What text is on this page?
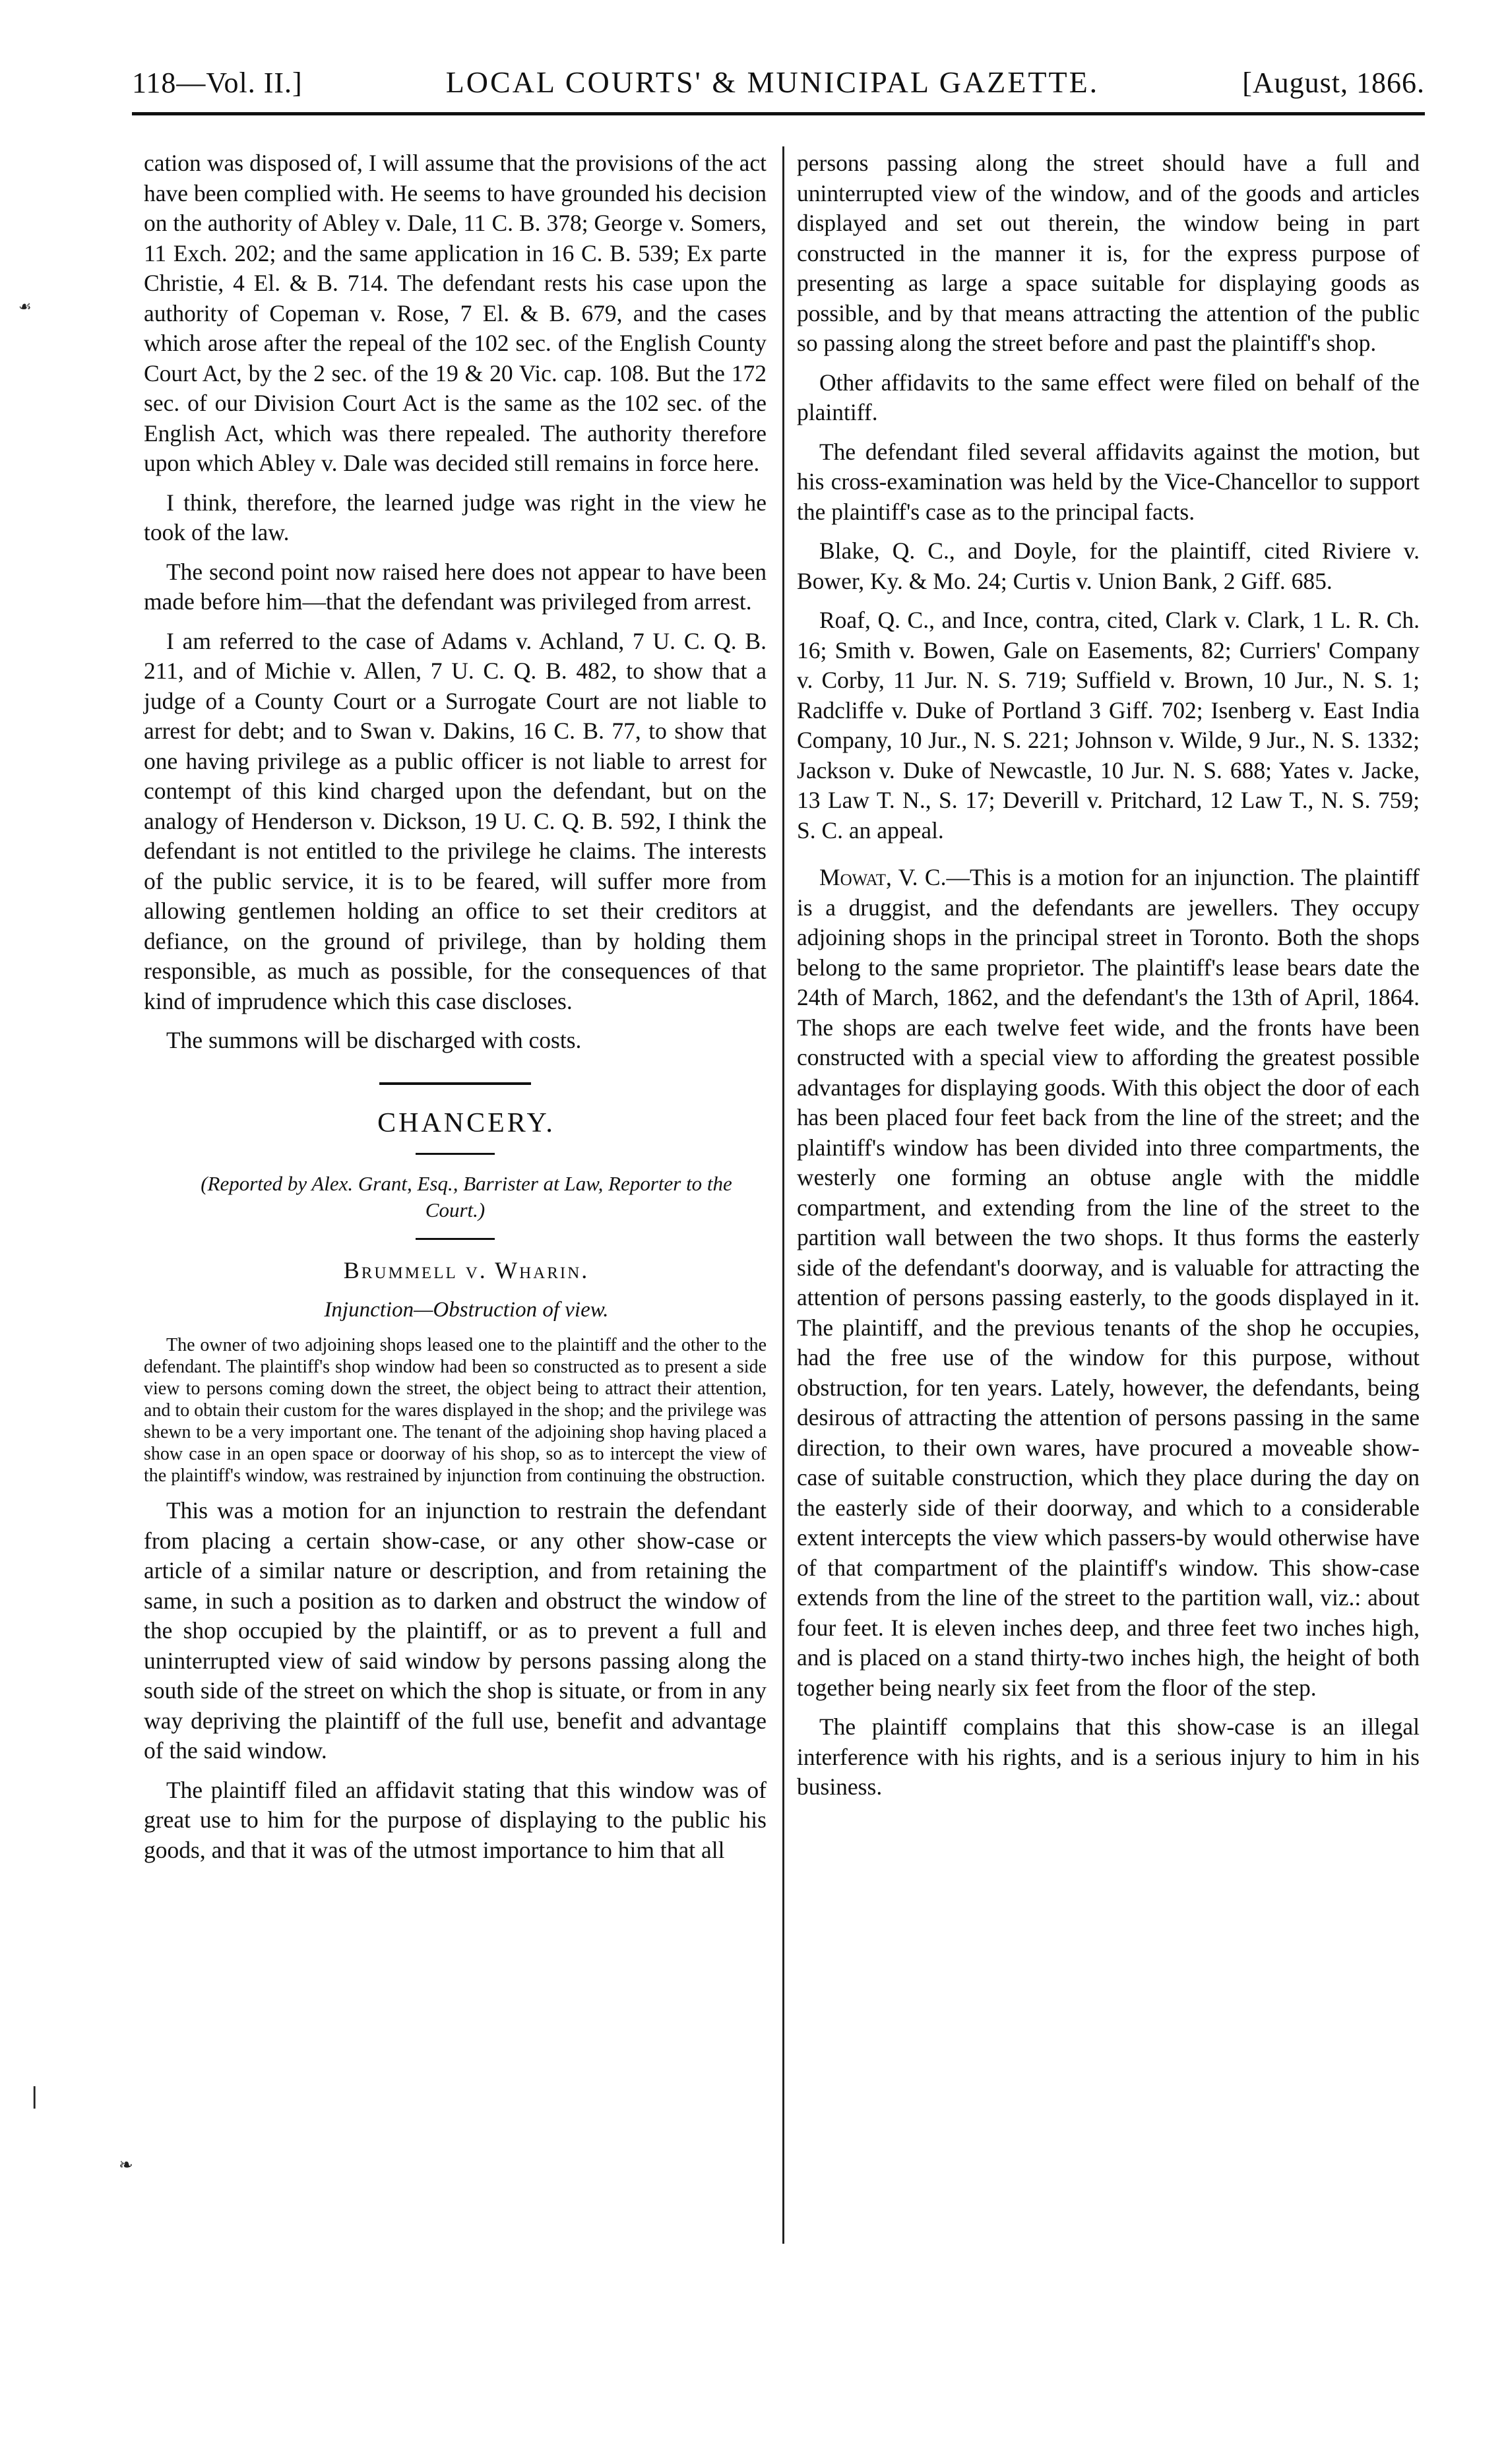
118—Vol. II.]	LOCAL COURTS' & MUNICIPAL GAZETTE.	[August, 1866.

cation was disposed of, I will assume that the provisions of the act have been complied with. He seems to have grounded his decision on the authority of Abley v. Dale, 11 C. B. 378; George v. Somers, 11 Exch. 202; and the same application in 16 C. B. 539; Ex parte Christie, 4 El. & B. 714. The defendant rests his case upon the authority of Copeman v. Rose, 7 El. & B. 679, and the cases which arose after the repeal of the 102 sec. of the English County Court Act, by the 2 sec. of the 19 & 20 Vic. cap. 108. But the 172 sec. of our Division Court Act is the same as the 102 sec. of the English Act, which was there repealed. The authority therefore upon which Abley v. Dale was decided still remains in force here.

I think, therefore, the learned judge was right in the view he took of the law.

The second point now raised here does not appear to have been made before him—that the defendant was privileged from arrest.

I am referred to the case of Adams v. Achland, 7 U. C. Q. B. 211, and of Michie v. Allen, 7 U. C. Q. B. 482, to show that a judge of a County Court or a Surrogate Court are not liable to arrest for debt; and to Swan v. Dakins, 16 C. B. 77, to show that one having privilege as a public officer is not liable to arrest for contempt of this kind charged upon the defendant, but on the analogy of Henderson v. Dickson, 19 U. C. Q. B. 592, I think the defendant is not entitled to the privilege he claims. The interests of the public service, it is to be feared, will suffer more from allowing gentlemen holding an office to set their creditors at defiance, on the ground of privilege, than by holding them responsible, as much as possible, for the consequences of that kind of imprudence which this case discloses.

The summons will be discharged with costs.

CHANCERY.

(Reported by Alex. Grant, Esq., Barrister at Law, Reporter to the Court.)

Brummell v. Wharin.

Injunction—Obstruction of view.

The owner of two adjoining shops leased one to the plaintiff and the other to the defendant. The plaintiff's shop window had been so constructed as to present a side view to persons coming down the street, the object being to attract their attention, and to obtain their custom for the wares displayed in the shop; and the privilege was shewn to be a very important one. The tenant of the adjoining shop having placed a show case in an open space or doorway of his shop, so as to intercept the view of the plaintiff's window, was restrained by injunction from continuing the obstruction.

This was a motion for an injunction to restrain the defendant from placing a certain show-case, or any other show-case or article of a similar nature or description, and from retaining the same, in such a position as to darken and obstruct the window of the shop occupied by the plaintiff, or as to prevent a full and uninterrupted view of said window by persons passing along the south side of the street on which the shop is situate, or from in any way depriving the plaintiff of the full use, benefit and advantage of the said window.

The plaintiff filed an affidavit stating that this window was of great use to him for the purpose of displaying to the public his goods, and that it was of the utmost importance to him that all

persons passing along the street should have a full and uninterrupted view of the window, and of the goods and articles displayed and set out therein, the window being in part constructed in the manner it is, for the express purpose of presenting as large a space suitable for displaying goods as possible, and by that means attracting the attention of the public so passing along the street before and past the plaintiff's shop.

Other affidavits to the same effect were filed on behalf of the plaintiff.

The defendant filed several affidavits against the motion, but his cross-examination was held by the Vice-Chancellor to support the plaintiff's case as to the principal facts.

Blake, Q. C., and Doyle, for the plaintiff, cited Riviere v. Bower, Ky. & Mo. 24; Curtis v. Union Bank, 2 Giff. 685.

Roaf, Q. C., and Ince, contra, cited, Clark v. Clark, 1 L. R. Ch. 16; Smith v. Bowen, Gale on Easements, 82; Curriers' Company v. Corby, 11 Jur. N. S. 719; Suffield v. Brown, 10 Jur., N. S. 1; Radcliffe v. Duke of Portland 3 Giff. 702; Isenberg v. East India Company, 10 Jur., N. S. 221; Johnson v. Wilde, 9 Jur., N. S. 1332; Jackson v. Duke of Newcastle, 10 Jur. N. S. 688; Yates v. Jacke, 13 Law T. N., S. 17; Deverill v. Pritchard, 12 Law T., N. S. 759; S. C. an appeal.

Mowat, V. C.—This is a motion for an injunction. The plaintiff is a druggist, and the defendants are jewellers. They occupy adjoining shops in the principal street in Toronto. Both the shops belong to the same proprietor. The plaintiff's lease bears date the 24th of March, 1862, and the defendant's the 13th of April, 1864. The shops are each twelve feet wide, and the fronts have been constructed with a special view to affording the greatest possible advantages for displaying goods. With this object the door of each has been placed four feet back from the line of the street; and the plaintiff's window has been divided into three compartments, the westerly one forming an obtuse angle with the middle compartment, and extending from the line of the street to the partition wall between the two shops. It thus forms the easterly side of the defendant's doorway, and is valuable for attracting the attention of persons passing easterly, to the goods displayed in it. The plaintiff, and the previous tenants of the shop he occupies, had the free use of the window for this purpose, without obstruction, for ten years. Lately, however, the defendants, being desirous of attracting the attention of persons passing in the same direction, to their own wares, have procured a moveable show-case of suitable construction, which they place during the day on the easterly side of their doorway, and which to a considerable extent intercepts the view which passers-by would otherwise have of that compartment of the plaintiff's window. This show-case extends from the line of the street to the partition wall, viz.: about four feet. It is eleven inches deep, and three feet two inches high, and is placed on a stand thirty-two inches high, the height of both together being nearly six feet from the floor of the step.

The plaintiff complains that this show-case is an illegal interference with his rights, and is a serious injury to him in his business.

☙
❘
❧
